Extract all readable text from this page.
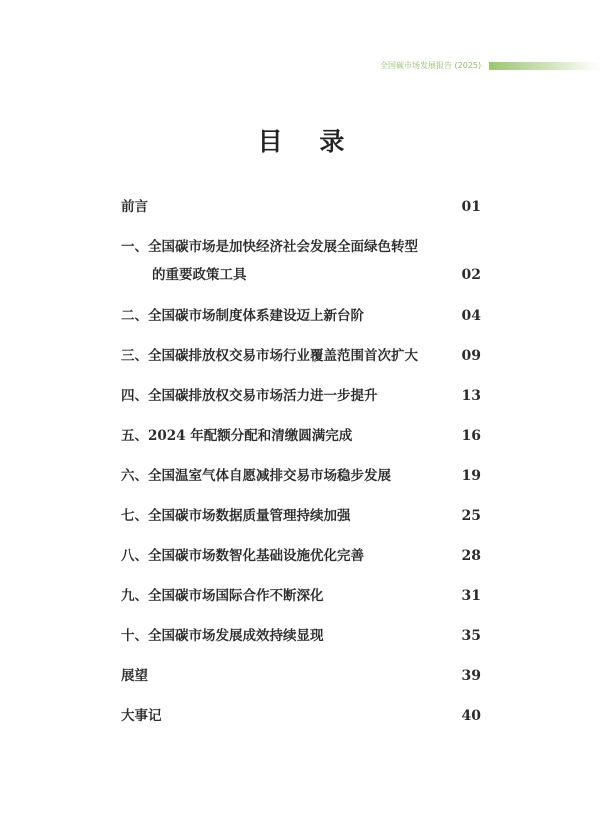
全国碳市场发展报告 (2025)
目 录
前言	01
一、全国碳市场是加快经济社会发展全面绿色转型
的重要政策工具	02
二、全国碳市场制度体系建设迈上新台阶	04
三、全国碳排放权交易市场行业覆盖范围首次扩大	09
四、全国碳排放权交易市场活力进一步提升	13
五、2024 年配额分配和清缴圆满完成	16
六、全国温室气体自愿减排交易市场稳步发展	19
七、全国碳市场数据质量管理持续加强	25
八、全国碳市场数智化基础设施优化完善	28
九、全国碳市场国际合作不断深化	31
十、全国碳市场发展成效持续显现	35
展望	39
大事记	40
